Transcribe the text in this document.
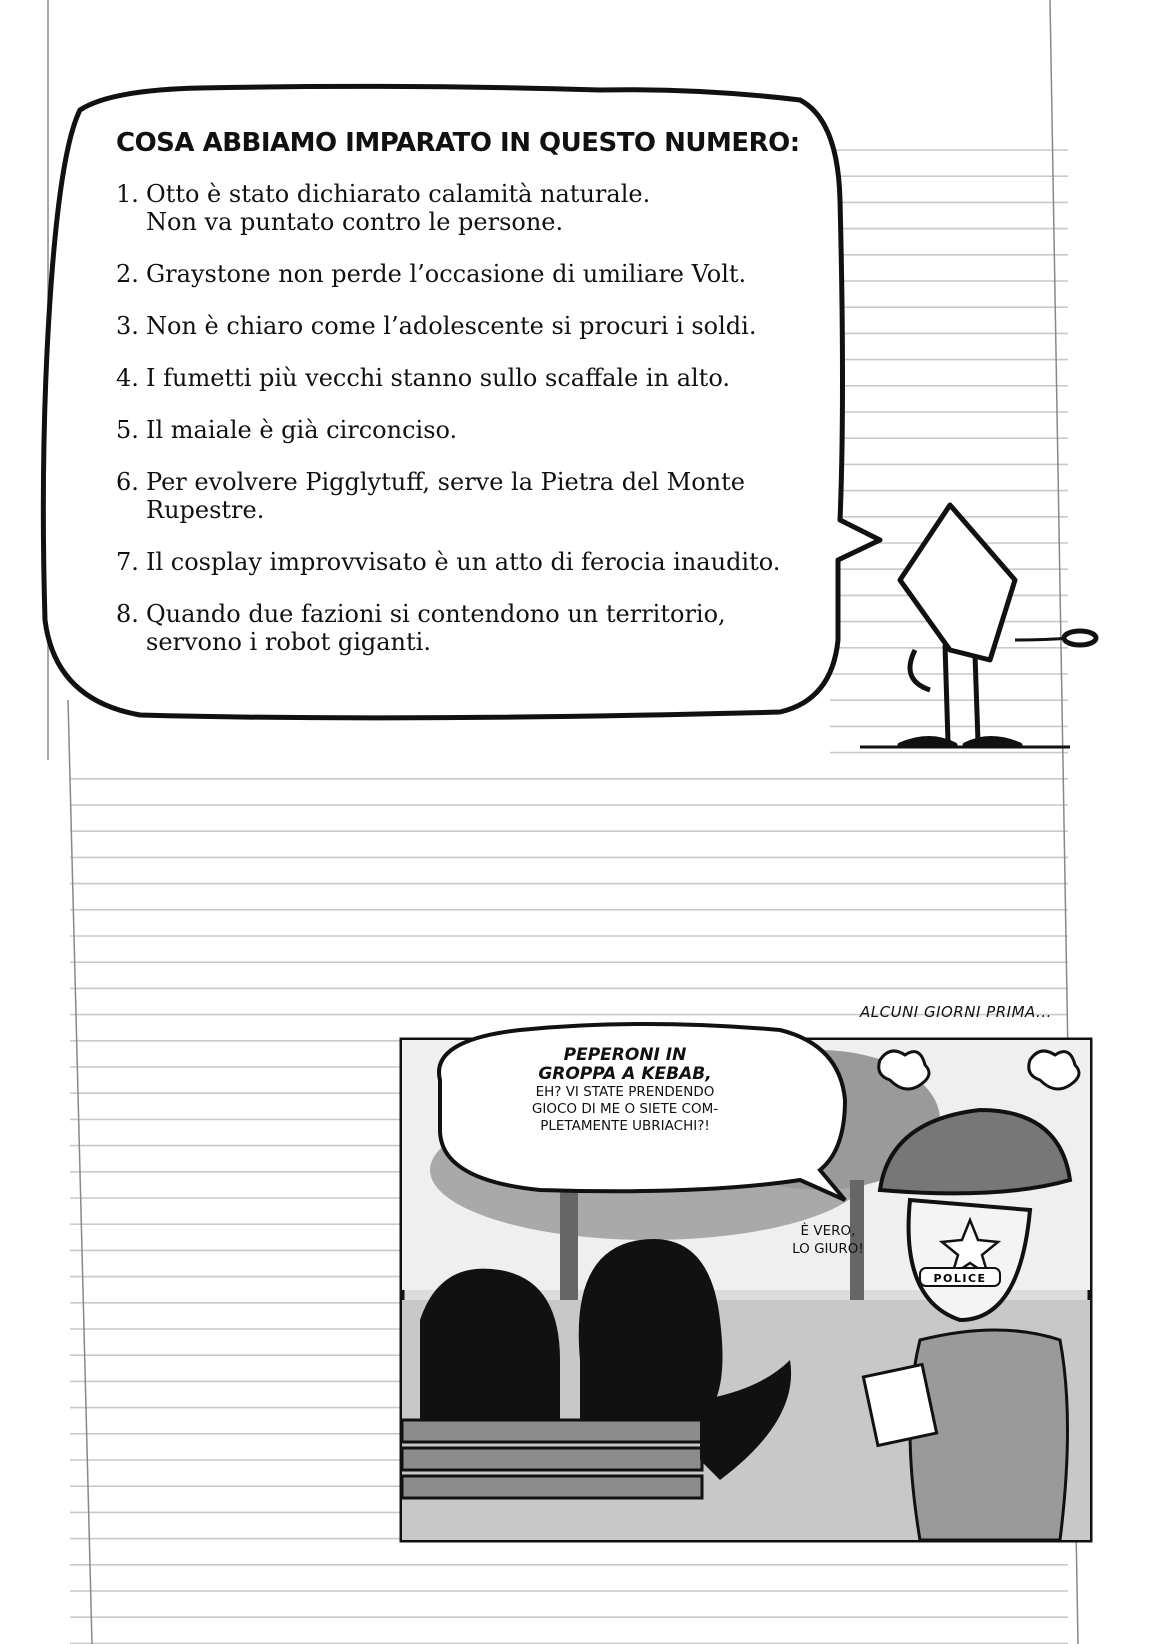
POLICE
COSA ABBIAMO IMPARATO IN QUESTO NUMERO:
1. Otto è stato dichiarato calamità naturale.
Non va puntato contro le persone.
2. Graystone non perde l’occasione di umiliare Volt.
3. Non è chiaro come l’adolescente si procuri i soldi.
4. I fumetti più vecchi stanno sullo scaffale in alto.
5. Il maiale è già circonciso.
6. Per evolvere Pigglytuff, serve la Pietra del Monte
Rupestre.
7. Il cosplay improvvisato è un atto di ferocia inaudito.
8. Quando due fazioni si contendono un territorio,
servono i robot giganti.
ALCUNI GIORNI PRIMA...
PEPERONI IN
GROPPA A KEBAB,
EH? VI STATE PRENDENDO
GIOCO DI ME O SIETE COM-
PLETAMENTE UBRIACHI?!
È VERO,
LO GIURO!
